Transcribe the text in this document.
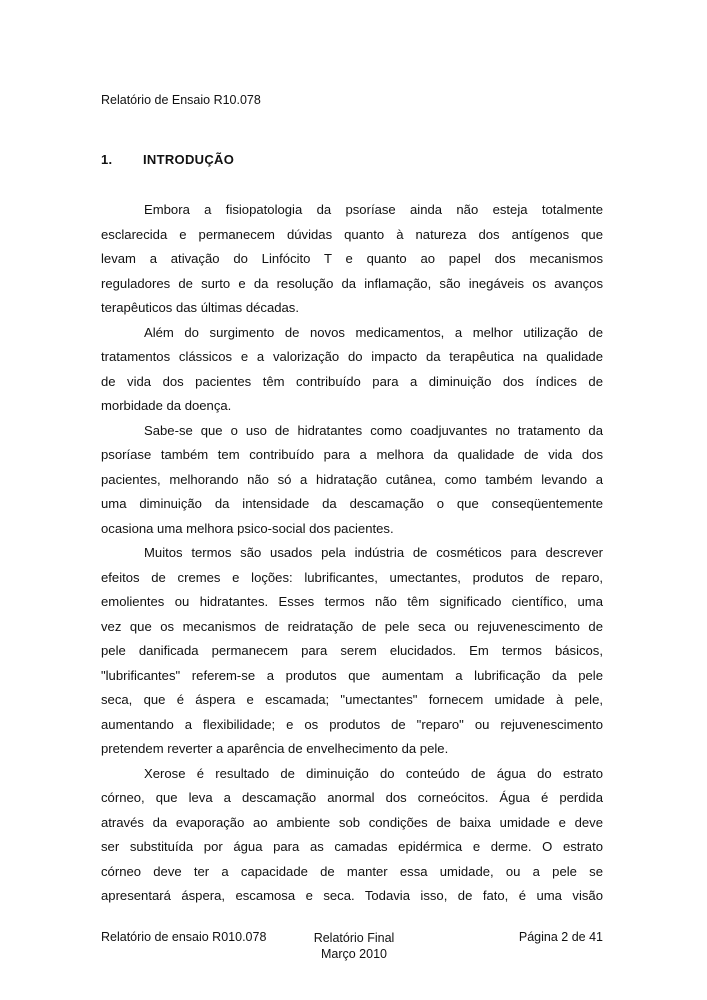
Relatório de Ensaio R10.078
1. INTRODUÇÃO
Embora a fisiopatologia da psoríase ainda não esteja totalmente
esclarecida e permanecem dúvidas quanto à natureza dos antígenos que
levam a ativação do Linfócito T e quanto ao papel dos mecanismos
reguladores de surto e da resolução da inflamação, são inegáveis os avanços
terapêuticos das últimas décadas.
Além do surgimento de novos medicamentos, a melhor utilização de
tratamentos clássicos e a valorização do impacto da terapêutica na qualidade
de vida dos pacientes têm contribuído para a diminuição dos índices de
morbidade da doença.
Sabe-se que o uso de hidratantes como coadjuvantes no tratamento da
psoríase também tem contribuído para a melhora da qualidade de vida dos
pacientes, melhorando não só a hidratação cutânea, como também levando a
uma diminuição da intensidade da descamação o que conseqüentemente
ocasiona uma melhora psico-social dos pacientes.
Muitos termos são usados pela indústria de cosméticos para descrever
efeitos de cremes e loções: lubrificantes, umectantes, produtos de reparo,
emolientes ou hidratantes. Esses termos não têm significado científico, uma
vez que os mecanismos de reidratação de pele seca ou rejuvenescimento de
pele danificada permanecem para serem elucidados. Em termos básicos,
"lubrificantes" referem-se a produtos que aumentam a lubrificação da pele
seca, que é áspera e escamada; "umectantes" fornecem umidade à pele,
aumentando a flexibilidade; e os produtos de "reparo" ou rejuvenescimento
pretendem reverter a aparência de envelhecimento da pele.
Xerose é resultado de diminuição do conteúdo de água do estrato
córneo, que leva a descamação anormal dos corneócitos. Água é perdida
através da evaporação ao ambiente sob condições de baixa umidade e deve
ser substituída por água para as camadas epidérmica e derme. O estrato
córneo deve ter a capacidade de manter essa umidade, ou a pele se
apresentará áspera, escamosa e seca. Todavia isso, de fato, é uma visão
Relatório de ensaio R010.078	Relatório Final
Março 2010
Página 2 de 41
